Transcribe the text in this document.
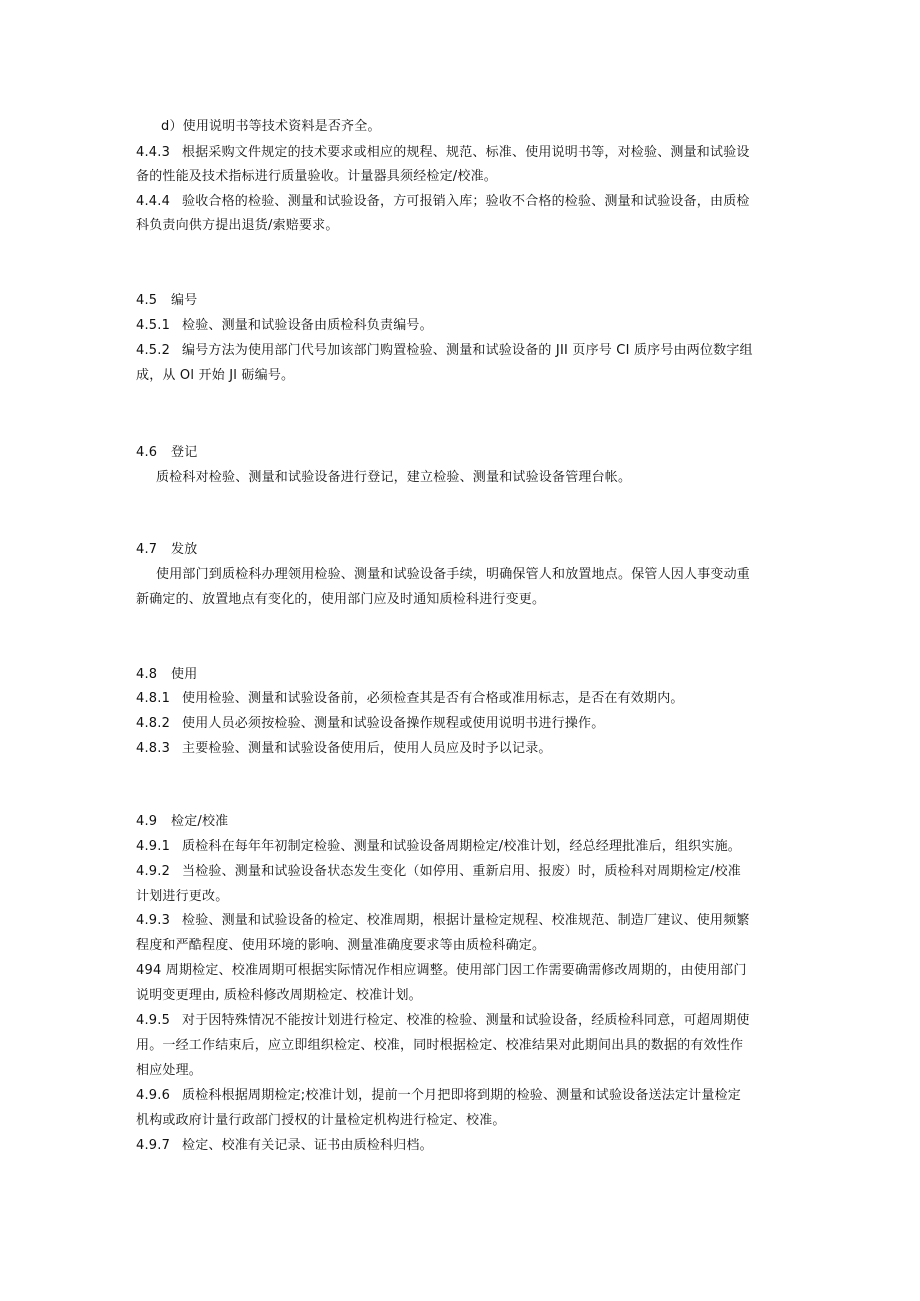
d）使用说明书等技术资料是否齐全。
4.4.3 根据采购文件规定的技术要求或相应的规程、规范、标准、使用说明书等，对检验、测量和试验设
备的性能及技术指标进行质量验收。计量器具须经检定/校准。
4.4.4 验收合格的检验、测量和试验设备，方可报销入库；验收不合格的检验、测量和试验设备，由质检
科负责向供方提出退货/索赔要求。
4.5 编号
4.5.1 检验、测量和试验设备由质检科负责编号。
4.5.2 编号方法为使用部门代号加该部门购置检验、测量和试验设备的 JII 页序号 CI 质序号由两位数字组
成，从 Ol 开始 Jl 砺编号。
4.6 登记
质检科对检验、测量和试验设备进行登记，建立检验、测量和试验设备管理台帐。
4.7 发放
使用部门到质检科办理领用检验、测量和试验设备手续，明确保管人和放置地点。保管人因人事变动重
新确定的、放置地点有变化的，使用部门应及时通知质检科进行变更。
4.8 使用
4.8.1 使用检验、测量和试验设备前，必须检查其是否有合格或准用标志，是否在有效期内。
4.8.2 使用人员必须按检验、测量和试验设备操作规程或使用说明书进行操作。
4.8.3 主要检验、测量和试验设备使用后，使用人员应及时予以记录。
4.9 检定/校准
4.9.1 质检科在每年年初制定检验、测量和试验设备周期检定/校准计划，经总经理批准后，组织实施。
4.9.2 当检验、测量和试验设备状态发生变化（如停用、重新启用、报废）时，质检科对周期检定/校准
计划进行更改。
4.9.3 检验、测量和试验设备的检定、校准周期，根据计量检定规程、校准规范、制造厂建议、使用频繁
程度和严酷程度、使用环境的影响、测量准确度要求等由质检科确定。
494 周期检定、校准周期可根据实际情况作相应调整。使用部门因工作需要确需修改周期的，由使用部门
说明变更理由, 质检科修改周期检定、校准计划。
4.9.5 对于因特殊情况不能按计划进行检定、校准的检验、测量和试验设备，经质检科同意，可超周期使
用。一经工作结束后，应立即组织检定、校准，同时根据检定、校准结果对此期间出具的数据的有效性作
相应处理。
4.9.6 质检科根据周期检定;校准计划，提前一个月把即将到期的检验、测量和试验设备送法定计量检定
机构或政府计量行政部门授权的计量检定机构进行检定、校准。
4.9.7 检定、校准有关记录、证书由质检科归档。
